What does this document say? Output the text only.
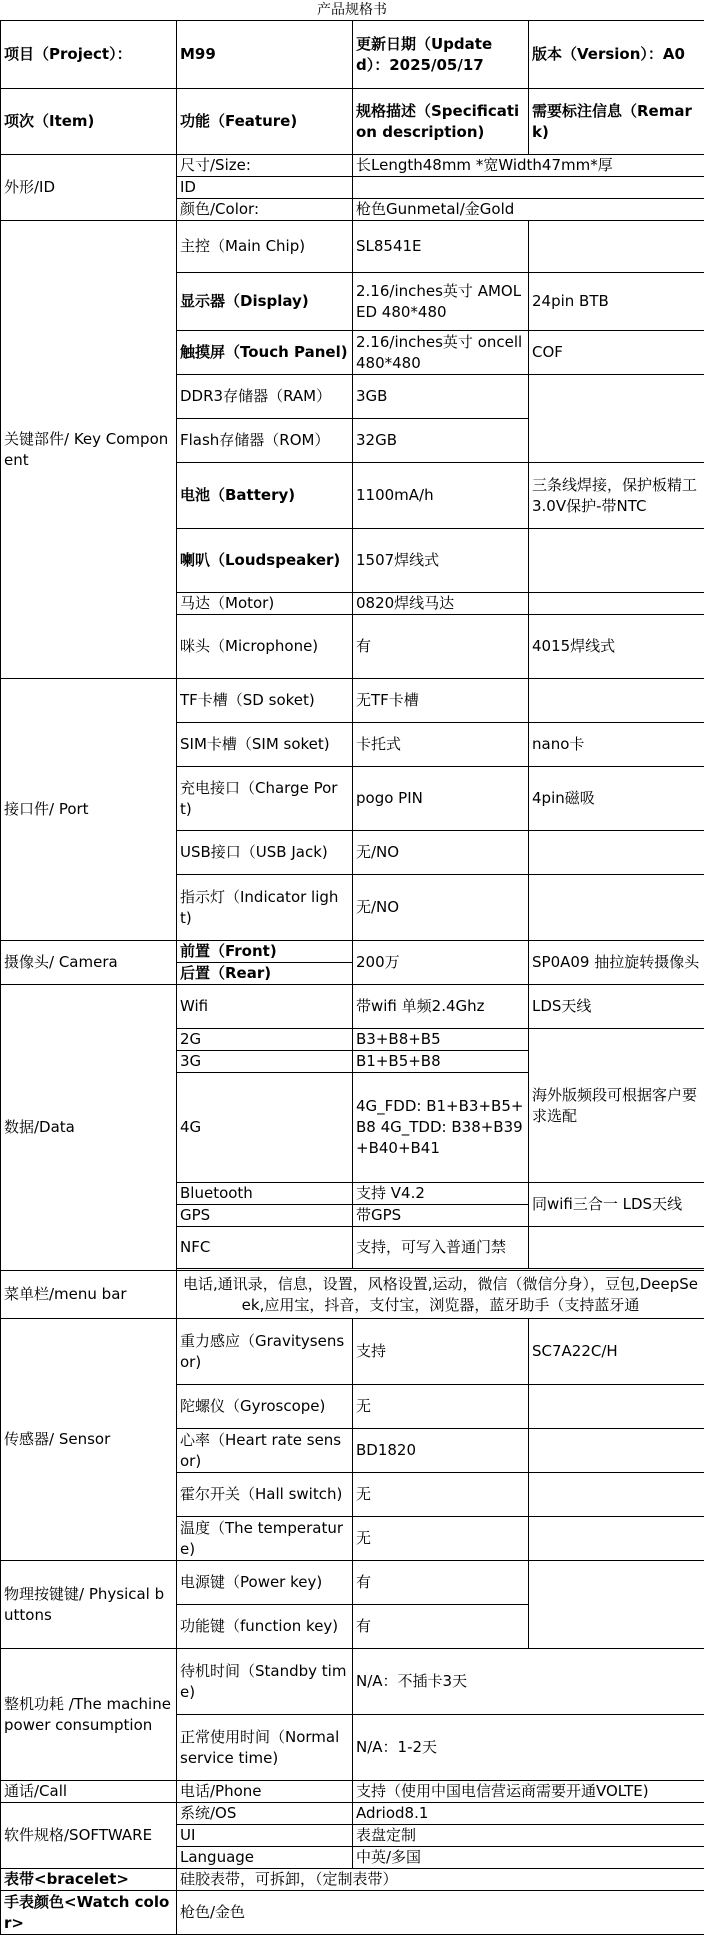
产品规格书
项目（Project）：	M99	更新日期（Updated）：2025/05/17	版本（Version）：A0
项次（Item)	功能（Feature)	规格描述（Specification description)	需要标注信息（Remark)
外形/ID	尺寸/Size:	长Length48mm *宽Width47mm*厚	
	ID		
	颜色/Color:	枪色Gunmetal/金Gold	
关键部件/ Key Component	主控（Main Chip)	SL8541E	
	显示器（Display)	2.16/inches英寸 AMOLED 480*480	24pin BTB
	触摸屏（Touch Panel)	2.16/inches英寸 oncell 480*480	COF
	DDR3存储器（RAM）	3GB	
	Flash存储器（ROM）	32GB	
	电池（Battery)	1100mA/h	三条线焊接，保护板精工3.0V保护-带NTC
	喇叭（Loudspeaker)	1507焊线式	
	马达（Motor)	0820焊线马达	
	咪头（Microphone)	有	4015焊线式
接口件/ Port	TF卡槽（SD soket)	无TF卡槽	
	SIM卡槽（SIM soket)	卡托式	nano卡
	充电接口（Charge Port)	pogo PIN	4pin磁吸
	USB接口（USB Jack)	无/NO	
	指示灯（Indicator light)	无/NO	
摄像头/ Camera	前置（Front)	200万	SP0A09 抽拉旋转摄像头
	后置（Rear)		
数据/Data	Wifi	带wifi 单频2.4Ghz	LDS天线
	2G	B3+B8+B5	海外版频段可根据客户要求选配
	3G	B1+B5+B8	
	4G	4G_FDD: B1+B3+B5+B8 4G_TDD: B38+B39+B40+B41	
	Bluetooth	支持 V4.2	同wifi三合一 LDS天线
	GPS	带GPS	
	NFC	支持，可写入普通门禁	

菜单栏/menu bar	电话,通讯录，信息，设置，风格设置,运动，微信（微信分身），豆包,DeepSeek,应用宝，抖音，支付宝，浏览器，蓝牙助手（支持蓝牙通		
传感器/ Sensor	重力感应（Gravitysensor)	支持	SC7A22C/H
	陀螺仪（Gyroscope)	无	
	心率（Heart rate sensor)	BD1820	
	霍尔开关（Hall switch)	无	
	温度（The temperature)	无	
物理按键键/ Physical buttons	电源键（Power key)	有	
	功能键（function key)	有	
整机功耗 /The machine power consumption	待机时间（Standby time)	N/A：不插卡3天	
	正常使用时间（Normal service time)	N/A：1-2天	
通话/Call	电话/Phone	支持（使用中国电信营运商需要开通VOLTE)	
软件规格/SOFTWARE	系统/OS	Adriod8.1	
	UI	表盘定制	
	Language	中英/多国	
表带<bracelet>	硅胶表带，可拆卸，（定制表带）		
手表颜色<Watch color>	枪色/金色		
